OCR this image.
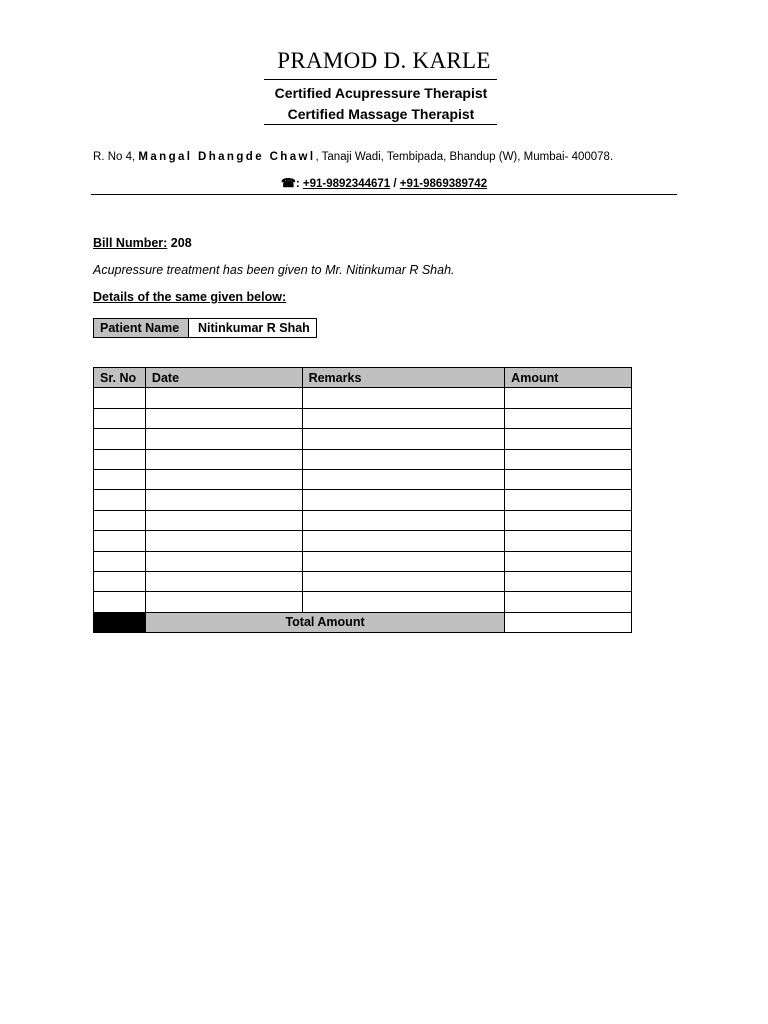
PRAMOD D. KARLE
Certified Acupressure Therapist
Certified Massage Therapist
R. No 4, Mangal Dhangde Chawl, Tanaji Wadi, Tembipada, Bhandup (W), Mumbai- 400078.
☎: +91-9892344671 / +91-9869389742
Bill Number: 208
Acupressure treatment has been given to Mr. Nitinkumar R Shah.
Details of the same given below:
Patient Name	Nitinkumar R Shah
Sr. No	Date	Remarks	Amount

	Total Amount		
